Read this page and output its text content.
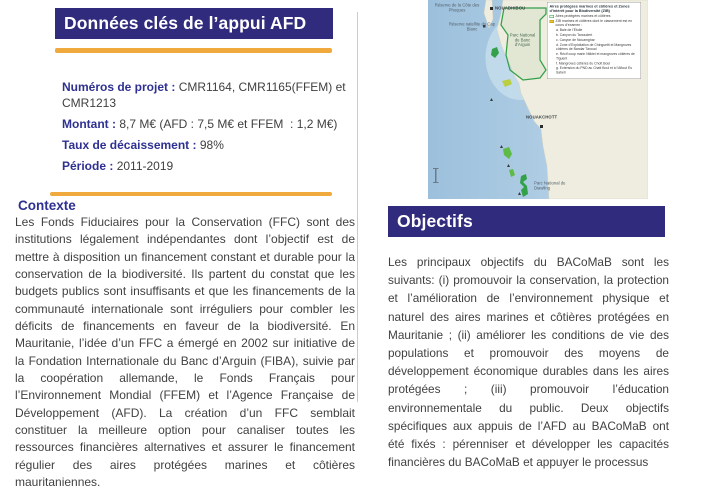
Données clés de l’appui AFD
Numéros de projet : CMR1164, CMR1165(FFEM) et CMR1213
Montant : 8,7 M€ (AFD : 7,5 M€ et FFEM  : 1,2 M€)
Taux de décaissement : 98%
Période : 2011-2019
Contexte
Les Fonds Fiduciaires pour la Conservation (FFC) sont des institutions légalement indépendantes dont l’objectif est de mettre à disposition un financement constant et durable pour la conservation de la biodiversité. Ils partent du constat que les budgets publics sont insuffisants et que les financements de la communauté internationale sont irréguliers pour combler les déficits de financements en faveur de la biodiversité. En Mauritanie, l’idée d’un FFC a émergé en 2002 sur initiative de la Fondation Internationale du Banc d’Arguin (FIBA), suivie par la coopération allemande, le Fonds Français pour l’Environnement Mondial (FFEM) et l’Agence Française de Développement (AFD). La création d’un FFC semblait constituer la meilleure option pour canaliser toutes les ressources financières alternatives et assurer le financement régulier des aires protégées marines et côtières mauritaniennes.
Réserve de la Côte des Phoques	NOUADHIBOU
Réserve satellite du Cap Blanc
Parc National du Banc d’Arguin
NOUAKCHOTT
Parc National du Diawling
Aires protégées marines et côtières et Zones d’intérêt pour la Biodiversité (ZIB)
Aires protégées marines et côtières
ZIB marines et côtières dont le classement est en cours d’examen :
a. Baie de l’Étoile
b. Canyon du Tanoudert
c. Canyon de Nouamghar
d. Zone d’Exploitation de Chinguetti et Mangroves côtières de Bandar Tanoud
e. Récif coup marin Ntiktel et mangroves côtières de Tiguent
f. Mangroves côtières du Chott Boul
g. Extension du PND au Chatt Boul et à l’Aftout Es Saheli
Objectifs
Les principaux objectifs du BACoMaB sont les suivants: (i) promouvoir la conservation, la protection et l’amélioration de l’environnement physique et naturel des aires marines et côtières protégées en Mauritanie ; (ii) améliorer les conditions de vie des populations et promouvoir des moyens de développement économique durables dans les aires protégées ; (iii) promouvoir l’éducation environnementale du public. Deux objectifs spécifiques aux appuis de l’AFD au BACoMaB ont été fixés : pérenniser et développer les capacités financières du BACoMaB et appuyer le processus
